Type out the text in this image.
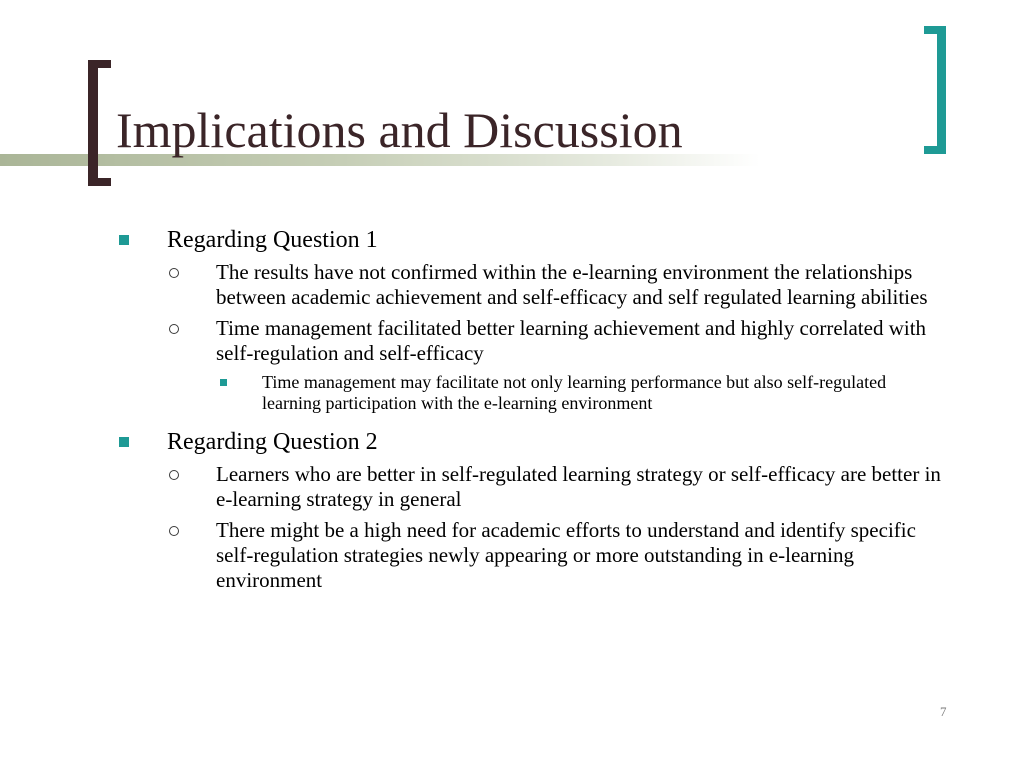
Implications and Discussion
Regarding Question 1
The results have not confirmed within the e-learning environment the relationships between academic achievement and self-efficacy and self regulated learning abilities
Time management facilitated better learning achievement and highly correlated with self-regulation and self-efficacy
Time management may facilitate not only learning performance but also self-regulated learning participation with the e-learning environment
Regarding Question 2
Learners who are better in self-regulated learning strategy or self-efficacy are better in e-learning strategy in general
There might be a high need for academic efforts to understand and identify specific self-regulation strategies newly appearing or more outstanding in e-learning environment
7
